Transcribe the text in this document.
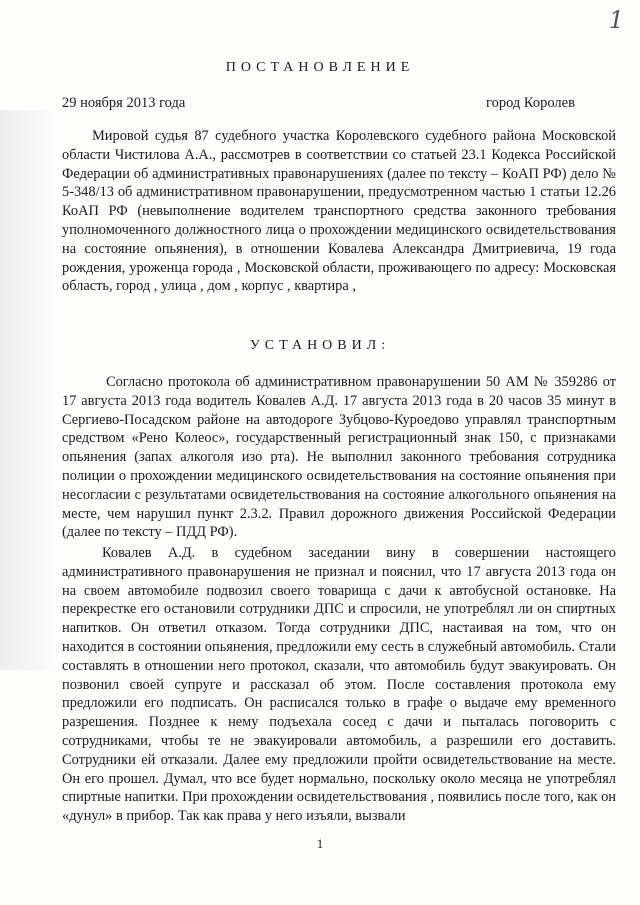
1
ПОСТАНОВЛЕНИЕ
29 ноября 2013 года	город Королев

Мировой судья 87 судебного участка Королевского судебного района Московской области Чистилова А.А., рассмотрев в соответствии со статьей 23.1 Кодекса Российской Федерации об административных правонарушениях (далее по тексту – КоАП РФ) дело № 5-348/13 об административном правонарушении, предусмотренном частью 1 статьи 12.26 КоАП РФ (невыполнение водителем транспортного средства законного требования уполномоченного должностного лица о прохождении медицинского освидетельствования на состояние опьянения), в отношении Ковалева Александра Дмитриевича, 19 года рождения, уроженца города , Московской области, проживающего по адресу: Московская область, город , улица , дом , корпус , квартира ,

УСТАНОВИЛ:

Согласно протокола об административном правонарушении 50 АМ № 359286 от 17 августа 2013 года водитель Ковалев А.Д. 17 августа 2013 года в 20 часов 35 минут в Сергиево-Посадском районе на автодороге Зубцово-Куроедово управлял транспортным средством «Рено Колеос», государственный регистрационный знак 150, с признаками опьянения (запах алкоголя изо рта). Не выполнил законного требования сотрудника полиции о прохождении медицинского освидетельствования на состояние опьянения при несогласии с результатами освидетельствования на состояние алкогольного опьянения на месте, чем нарушил пункт 2.3.2. Правил дорожного движения Российской Федерации (далее по тексту – ПДД РФ).

Ковалев А.Д. в судебном заседании вину в совершении настоящего административного правонарушения не признал и пояснил, что 17 августа 2013 года он на своем автомобиле подвозил своего товарища с дачи к автобусной остановке. На перекрестке его остановили сотрудники ДПС и спросили, не употреблял ли он спиртных напитков. Он ответил отказом. Тогда сотрудники ДПС, настаивая на том, что он находится в состоянии опьянения, предложили ему сесть в служебный автомобиль. Стали составлять в отношении него протокол, сказали, что автомобиль будут эвакуировать. Он позвонил своей супруге и рассказал об этом. После составления протокола ему предложили его подписать. Он расписался только в графе о выдаче ему временного разрешения. Позднее к нему подъехала сосед с дачи и пыталась поговорить с сотрудниками, чтобы те не эвакуировали автомобиль, а разрешили его доставить. Сотрудники ей отказали. Далее ему предложили пройти освидетельствование на месте. Он его прошел. Думал, что все будет нормально, поскольку около месяца не употреблял спиртные напитки. При прохождении освидетельствования , появились после того, как он «дунул» в прибор. Так как права у него изъяли, вызвали

1
